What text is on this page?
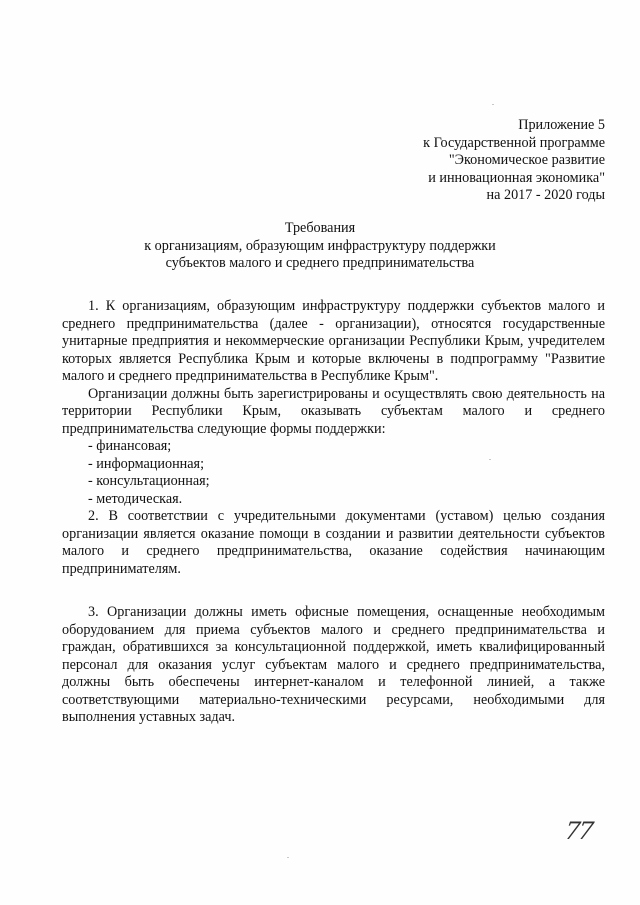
Приложение 5
к Государственной программе
"Экономическое развитие
и инновационная экономика"
на 2017 - 2020 годы
Требования
к организациям, образующим инфраструктуру поддержки
субъектов малого и среднего предпринимательства

1. К организациям, образующим инфраструктуру поддержки субъектов малого и среднего предпринимательства (далее - организации), относятся государственные унитарные предприятия и некоммерческие организации Республики Крым, учредителем которых является Республика Крым и которые включены в подпрограмму "Развитие малого и среднего предпринимательства в Республике Крым".

Организации должны быть зарегистрированы и осуществлять свою деятельность на территории Республики Крым, оказывать субъектам малого и среднего предпринимательства следующие формы поддержки:

- финансовая;
- информационная;
- консультационная;
- методическая.

2. В соответствии с учредительными документами (уставом) целью создания организации является оказание помощи в создании и развитии деятельности субъектов малого и среднего предпринимательства, оказание содействия начинающим предпринимателям.

3. Организации должны иметь офисные помещения, оснащенные необходимым оборудованием для приема субъектов малого и среднего предпринимательства и граждан, обратившихся за консультационной поддержкой, иметь квалифицированный персонал для оказания услуг субъектам малого и среднего предпринимательства, должны быть обеспечены интернет-каналом и телефонной линией, а также соответствующими материально-техническими ресурсами, необходимыми для выполнения уставных задач.

77
